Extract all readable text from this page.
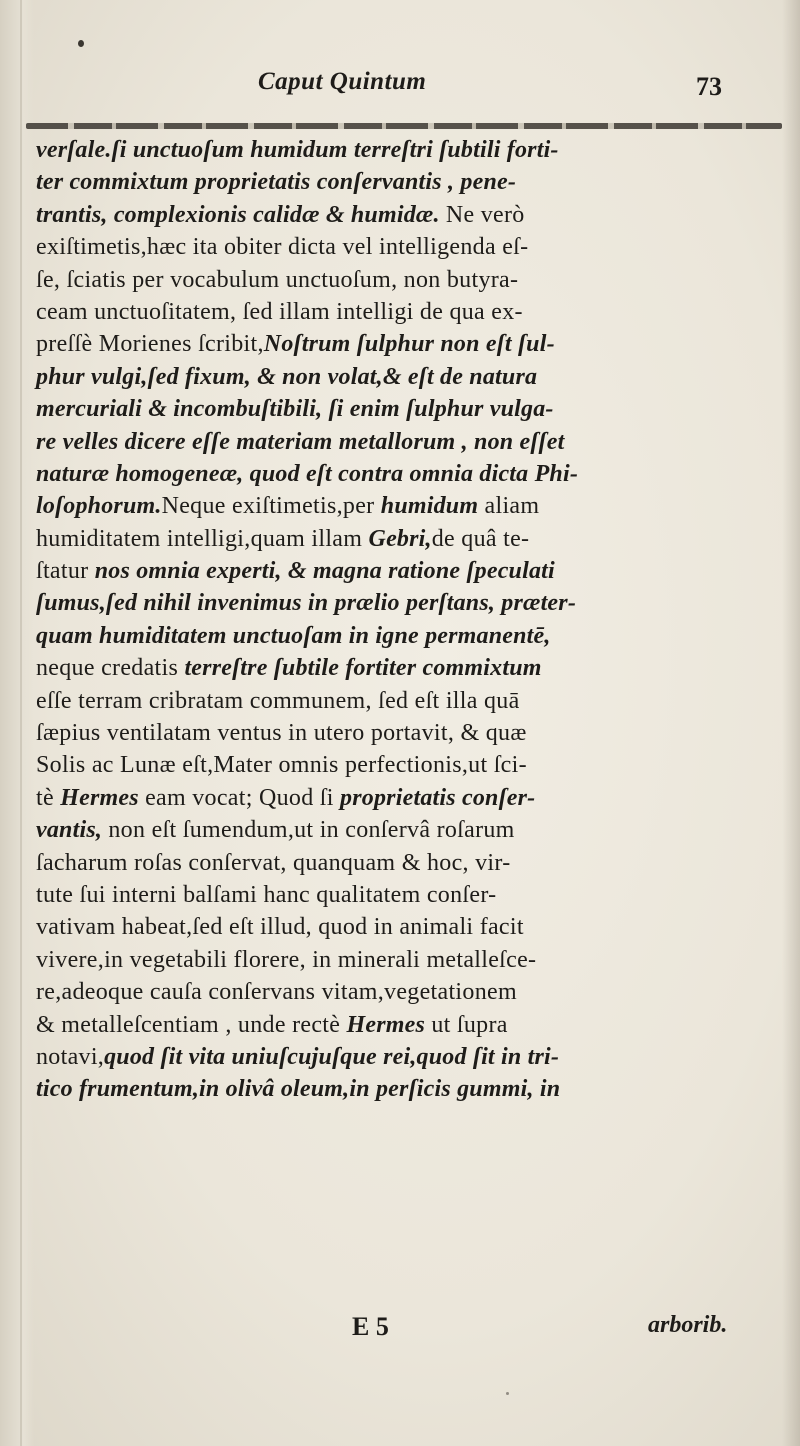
Caput Quintum	73
verſale.ſi unctuoſum humidum terreſtri ſubtili forti-
ter commixtum proprietatis conſervantis , pene-
trantis, complexionis calidæ & humidæ. Ne verò
exiſtimetis,hæc ita obiter dicta vel intelligenda eſ-
ſe, ſciatis per vocabulum unctuoſum, non butyra-
ceam unctuoſitatem, ſed illam intelligi de qua ex-
preſſè Morienes ſcribit,Noſtrum ſulphur non eſt ſul-
phur vulgi,ſed fixum, & non volat,& eſt de natura
mercuriali & incombuſtibili, ſi enim ſulphur vulga-
re velles dicere eſſe materiam metallorum , non eſſet
naturæ homogeneæ, quod eſt contra omnia dicta Phi-
loſophorum.Neque exiſtimetis,per humidum aliam
humiditatem intelligi,quam illam Gebri,de quâ te-
ſtatur nos omnia experti, & magna ratione ſpeculati
ſumus,ſed nihil invenimus in prælio perſtans, præter-
quam humiditatem unctuoſam in igne permanentē,
neque credatis terreſtre ſubtile fortiter commixtum
eſſe terram cribratam communem, ſed eſt illa quā
ſæpius ventilatam ventus in utero portavit, & quæ
Solis ac Lunæ eſt,Mater omnis perfectionis,ut ſci-
tè Hermes eam vocat; Quod ſi proprietatis conſer-
vantis, non eſt ſumendum,ut in conſervâ roſarum
ſacharum roſas conſervat, quanquam & hoc, vir-
tute ſui interni balſami hanc qualitatem conſer-
vativam habeat,ſed eſt illud, quod in animali facit
vivere,in vegetabili florere, in minerali metalleſce-
re,adeoque cauſa conſervans vitam,vegetationem
& metalleſcentiam , unde rectè Hermes ut ſupra
notavi,quod ſit vita uniuſcujuſque rei,quod ſit in tri-
tico frumentum,in olivâ oleum,in perſicis gummi, in
E 5	arborib.
